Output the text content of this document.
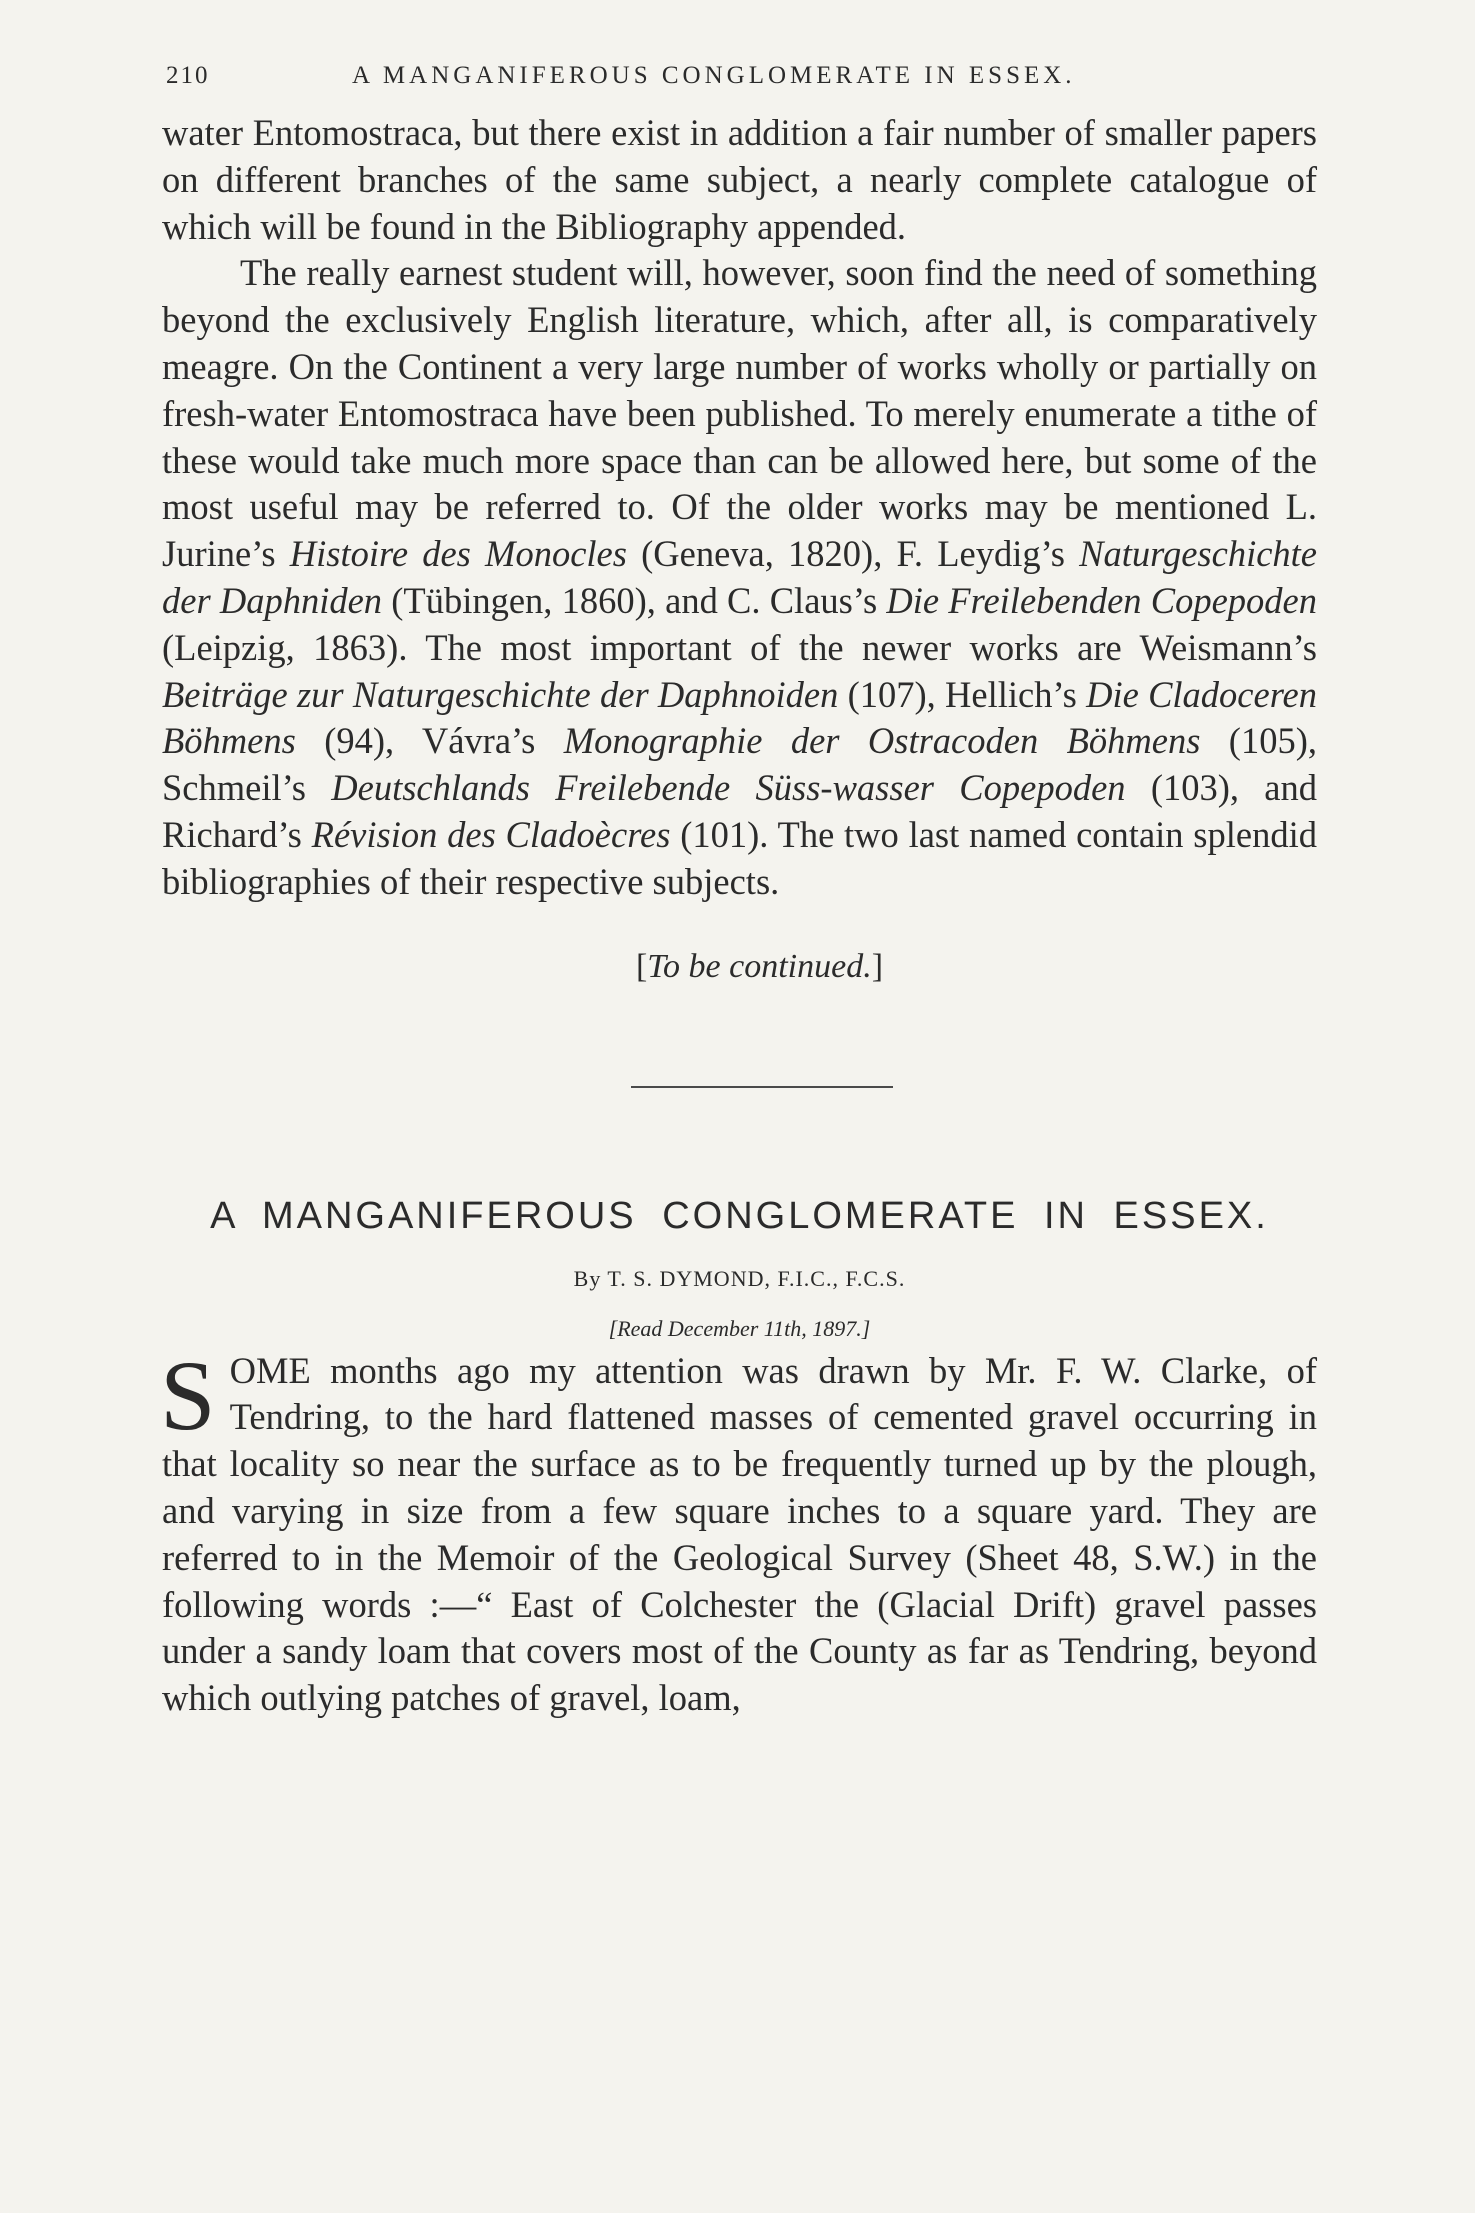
210	A MANGANIFEROUS CONGLOMERATE IN ESSEX.

water Entomostraca, but there exist in addition a fair number of smaller papers on different branches of the same subject, a nearly complete catalogue of which will be found in the Bibliography appended.

The really earnest student will, however, soon find the need of something beyond the exclusively English literature, which, after all, is comparatively meagre. On the Continent a very large number of works wholly or partially on fresh-water Entomostraca have been published. To merely enumerate a tithe of these would take much more space than can be allowed here, but some of the most useful may be referred to. Of the older works may be mentioned L. Jurine’s Histoire des Monocles (Geneva, 1820), F. Leydig’s Naturgeschichte der Daphniden (Tübingen, 1860), and C. Claus’s Die Freilebenden Copepoden (Leipzig, 1863). The most important of the newer works are Weismann’s Beiträge zur Naturgeschichte der Daphnoiden (107), Hellich’s Die Cladoceren Böhmens (94), Vávra’s Monographie der Ostracoden Böhmens (105), Schmeil’s Deutschlands Freilebende Süss-wasser Copepoden (103), and Richard’s Révision des Cladoècres (101). The two last named contain splendid bibliographies of their respective subjects.

[To be continued.]
A MANGANIFEROUS CONGLOMERATE IN ESSEX.
By T. S. DYMOND, F.I.C., F.C.S.
[Read December 11th, 1897.]

SOME months ago my attention was drawn by Mr. F. W. Clarke, of Tendring, to the hard flattened masses of cemented gravel occurring in that locality so near the surface as to be frequently turned up by the plough, and varying in size from a few square inches to a square yard. They are referred to in the Memoir of the Geological Survey (Sheet 48, S.W.) in the following words :—“ East of Colchester the (Glacial Drift) gravel passes under a sandy loam that covers most of the County as far as Tendring, beyond which outlying patches of gravel, loam,
